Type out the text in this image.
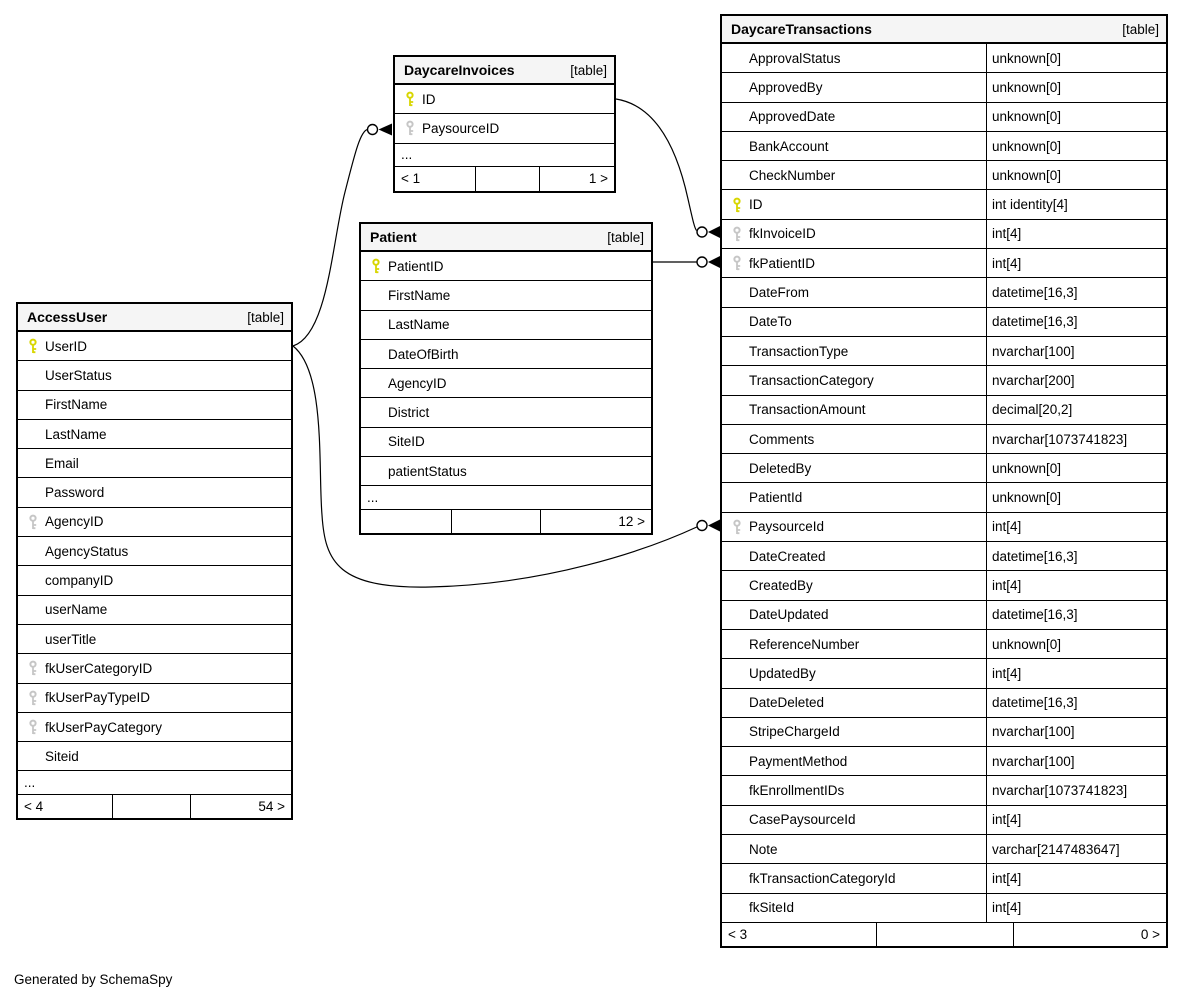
AccessUser	[table]
UserID
UserStatus
FirstName
LastName
Email
Password
AgencyID
AgencyStatus
companyID
userName
userTitle
fkUserCategoryID
fkUserPayTypeID
fkUserPayCategory
Siteid
...
< 4	54 >
DaycareInvoices	[table]
ID
PaysourceID
...
< 1	1 >
Patient	[table]
PatientID
FirstName
LastName
DateOfBirth
AgencyID
District
SiteID
patientStatus
...
12 >
DaycareTransactions	[table]
ApprovalStatus	unknown[0]
ApprovedBy	unknown[0]
ApprovedDate	unknown[0]
BankAccount	unknown[0]
CheckNumber	unknown[0]
ID	int identity[4]
fkInvoiceID	int[4]
fkPatientID	int[4]
DateFrom	datetime[16,3]
DateTo	datetime[16,3]
TransactionType	nvarchar[100]
TransactionCategory	nvarchar[200]
TransactionAmount	decimal[20,2]
Comments	nvarchar[1073741823]
DeletedBy	unknown[0]
PatientId	unknown[0]
PaysourceId	int[4]
DateCreated	datetime[16,3]
CreatedBy	int[4]
DateUpdated	datetime[16,3]
ReferenceNumber	unknown[0]
UpdatedBy	int[4]
DateDeleted	datetime[16,3]
StripeChargeId	nvarchar[100]
PaymentMethod	nvarchar[100]
fkEnrollmentIDs	nvarchar[1073741823]
CasePaysourceId	int[4]
Note	varchar[2147483647]
fkTransactionCategoryId	int[4]
fkSiteId	int[4]
< 3	0 >
Generated by SchemaSpy
